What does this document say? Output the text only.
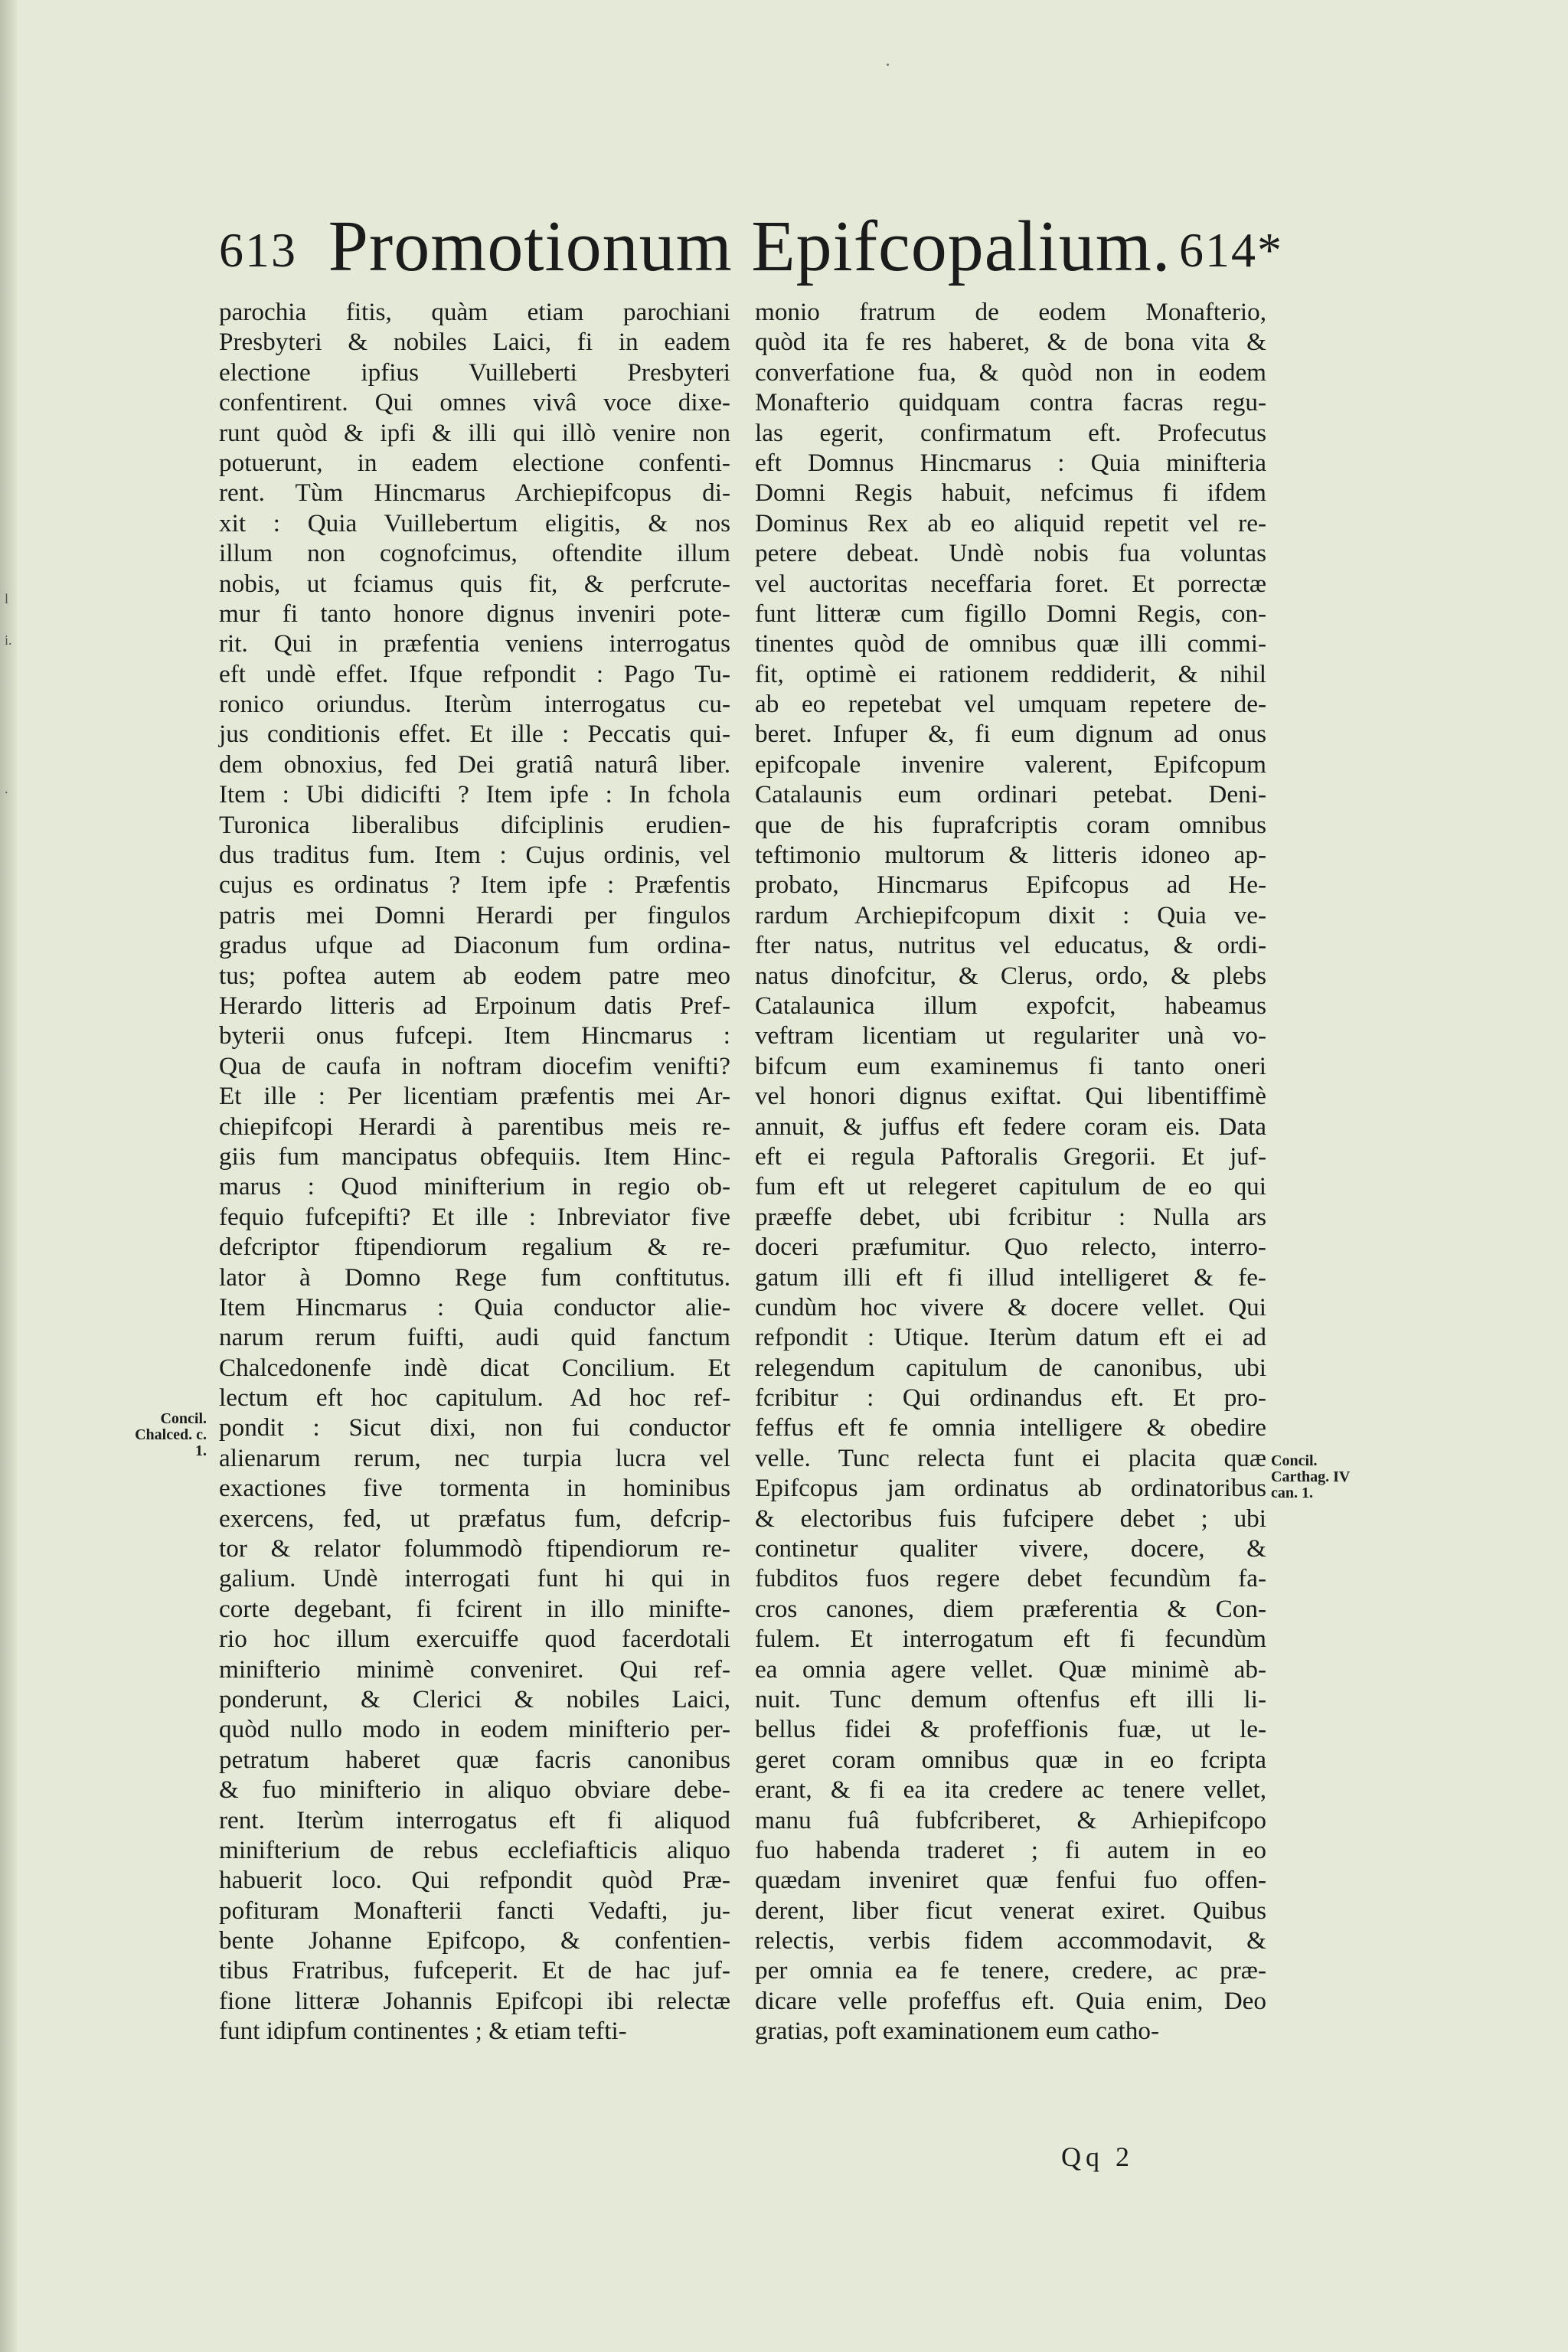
l
i.
.
613 Promotionum Epifcopalium. 614*
parochia fitis, quàm etiam parochiani
Presbyteri & nobiles Laici, fi in eadem
electione ipfius Vuilleberti Presbyteri
confentirent. Qui omnes vivâ voce dixe-
runt quòd & ipfi & illi qui illò venire non
potuerunt, in eadem electione confenti-
rent. Tùm Hincmarus Archiepifcopus di-
xit : Quia Vuillebertum eligitis, & nos
illum non cognofcimus, oftendite illum
nobis, ut fciamus quis fit, & perfcrute-
mur fi tanto honore dignus inveniri pote-
rit. Qui in præfentia veniens interrogatus
eft undè effet. Ifque refpondit : Pago Tu-
ronico oriundus. Iterùm interrogatus cu-
jus conditionis effet. Et ille : Peccatis qui-
dem obnoxius, fed Dei gratiâ naturâ liber.
Item : Ubi didicifti ? Item ipfe : In fchola
Turonica liberalibus difciplinis erudien-
dus traditus fum. Item : Cujus ordinis, vel
cujus es ordinatus ? Item ipfe : Præfentis
patris mei Domni Herardi per fingulos
gradus ufque ad Diaconum fum ordina-
tus; poftea autem ab eodem patre meo
Herardo litteris ad Erpoinum datis Pref-
byterii onus fufcepi. Item Hincmarus :
Qua de caufa in noftram diocefim venifti?
Et ille : Per licentiam præfentis mei Ar-
chiepifcopi Herardi à parentibus meis re-
giis fum mancipatus obfequiis. Item Hinc-
marus : Quod minifterium in regio ob-
fequio fufcepifti? Et ille : Inbreviator five
defcriptor ftipendiorum regalium & re-
lator à Domno Rege fum conftitutus.
Item Hincmarus : Quia conductor alie-
narum rerum fuifti, audi quid fanctum
Chalcedonenfe indè dicat Concilium. Et
lectum eft hoc capitulum. Ad hoc ref-
pondit : Sicut dixi, non fui conductor
alienarum rerum, nec turpia lucra vel
exactiones five tormenta in hominibus
exercens, fed, ut præfatus fum, defcrip-
tor & relator folummodò ftipendiorum re-
galium. Undè interrogati funt hi qui in
corte degebant, fi fcirent in illo minifte-
rio hoc illum exercuiffe quod facerdotali
minifterio minimè conveniret. Qui ref-
ponderunt, & Clerici & nobiles Laici,
quòd nullo modo in eodem minifterio per-
petratum haberet quæ facris canonibus
& fuo minifterio in aliquo obviare debe-
rent. Iterùm interrogatus eft fi aliquod
minifterium de rebus ecclefiafticis aliquo
habuerit loco. Qui refpondit quòd Præ-
pofituram Monafterii fancti Vedafti, ju-
bente Johanne Epifcopo, & confentien-
tibus Fratribus, fufceperit. Et de hac juf-
fione litteræ Johannis Epifcopi ibi relectæ
funt idipfum continentes ; & etiam tefti-
monio fratrum de eodem Monafterio,
quòd ita fe res haberet, & de bona vita &
converfatione fua, & quòd non in eodem
Monafterio quidquam contra facras regu-
las egerit, confirmatum eft. Profecutus
eft Domnus Hincmarus : Quia minifteria
Domni Regis habuit, nefcimus fi ifdem
Dominus Rex ab eo aliquid repetit vel re-
petere debeat. Undè nobis fua voluntas
vel auctoritas neceffaria foret. Et porrectæ
funt litteræ cum figillo Domni Regis, con-
tinentes quòd de omnibus quæ illi commi-
fit, optimè ei rationem reddiderit, & nihil
ab eo repetebat vel umquam repetere de-
beret. Infuper &, fi eum dignum ad onus
epifcopale invenire valerent, Epifcopum
Catalaunis eum ordinari petebat. Deni-
que de his fuprafcriptis coram omnibus
teftimonio multorum & litteris idoneo ap-
probato, Hincmarus Epifcopus ad He-
rardum Archiepifcopum dixit : Quia ve-
fter natus, nutritus vel educatus, & ordi-
natus dinofcitur, & Clerus, ordo, & plebs
Catalaunica illum expofcit, habeamus
veftram licentiam ut regulariter unà vo-
bifcum eum examinemus fi tanto oneri
vel honori dignus exiftat. Qui libentiffimè
annuit, & juffus eft federe coram eis. Data
eft ei regula Paftoralis Gregorii. Et juf-
fum eft ut relegeret capitulum de eo qui
præeffe debet, ubi fcribitur : Nulla ars
doceri præfumitur. Quo relecto, interro-
gatum illi eft fi illud intelligeret & fe-
cundùm hoc vivere & docere vellet. Qui
refpondit : Utique. Iterùm datum eft ei ad
relegendum capitulum de canonibus, ubi
fcribitur : Qui ordinandus eft. Et pro-
feffus eft fe omnia intelligere & obedire
velle. Tunc relecta funt ei placita quæ
Epifcopus jam ordinatus ab ordinatoribus
& electoribus fuis fufcipere debet ; ubi
continetur qualiter vivere, docere, &
fubditos fuos regere debet fecundùm fa-
cros canones, diem præferentia & Con-
fulem. Et interrogatum eft fi fecundùm
ea omnia agere vellet. Quæ minimè ab-
nuit. Tunc demum oftenfus eft illi li-
bellus fidei & profeffionis fuæ, ut le-
geret coram omnibus quæ in eo fcripta
erant, & fi ea ita credere ac tenere vellet,
manu fuâ fubfcriberet, & Arhiepifcopo
fuo habenda traderet ; fi autem in eo
quædam inveniret quæ fenfui fuo offen-
derent, liber ficut venerat exiret. Quibus
relectis, verbis fidem accommodavit, &
per omnia ea fe tenere, credere, ac præ-
dicare velle profeffus eft. Quia enim, Deo
gratias, poft examinationem eum catho-
Concil.
Chalced. c.
1.
Concil.
Carthag. IV
can. 1.
Qq 2
